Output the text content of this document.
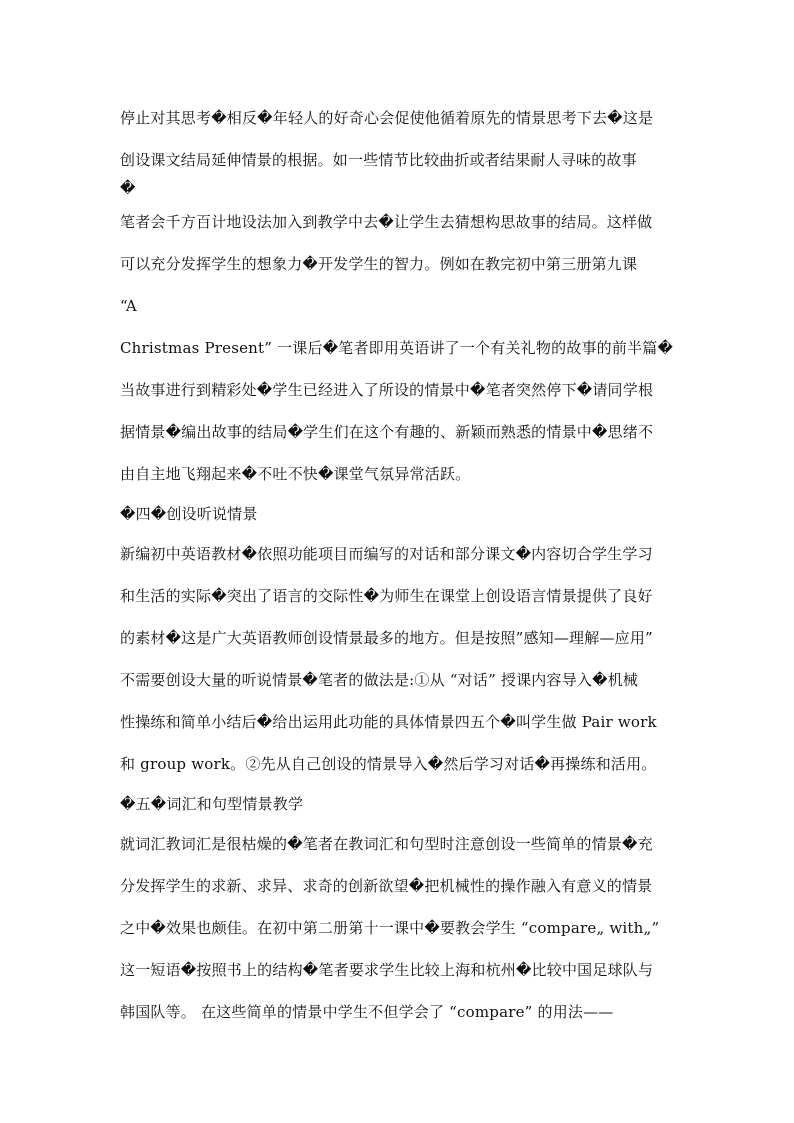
停止对其思考�相反�年轻人的好奇心会促使他循着原先的情景思考下去�这是
创设课文结局延伸情景的根据。如一些情节比较曲折或者结果耐人寻味的故事
�
笔者会千方百计地设法加入到教学中去�让学生去猜想构思故事的结局。这样做
可以充分发挥学生的想象力�开发学生的智力。例如在教完初中第三册第九课
“A
Christmas Present” 一课后�笔者即用英语讲了一个有关礼物的故事的前半篇�
当故事进行到精彩处�学生已经进入了所设的情景中�笔者突然停下�请同学根
据情景�编出故事的结局�学生们在这个有趣的、新颖而熟悉的情景中�思绪不
由自主地飞翔起来�不吐不快�课堂气氛异常活跃。
�四�创设听说情景
新编初中英语教材�依照功能项目而编写的对话和部分课文�内容切合学生学习
和生活的实际�突出了语言的交际性�为师生在课堂上创设语言情景提供了良好
的素材�这是广大英语教师创设情景最多的地方。但是按照”感知—理解—应用”
不需要创设大量的听说情景�笔者的做法是:①从 “对话” 授课内容导入�机械
性操练和简单小结后�给出运用此功能的具体情景四五个�叫学生做 Pair work
和 group work。②先从自己创设的情景导入�然后学习对话�再操练和活用。
�五�词汇和句型情景教学
就词汇教词汇是很枯燥的�笔者在教词汇和句型时注意创设一些简单的情景�充
分发挥学生的求新、求异、求奇的创新欲望�把机械性的操作融入有意义的情景
之中�效果也颇佳。在初中第二册第十一课中�要教会学生 “compare„ with„”
这一短语�按照书上的结构�笔者要求学生比较上海和杭州�比较中国足球队与
韩国队等。 在这些简单的情景中学生不但学会了 “compare” 的用法——
